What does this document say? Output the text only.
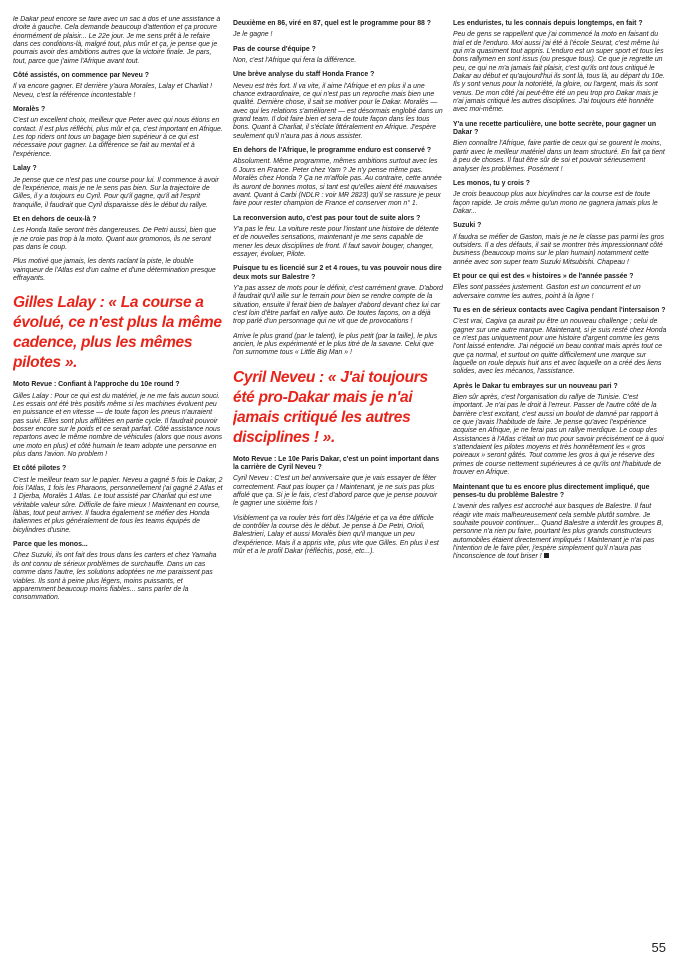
le Dakar peut encore se faire avec un sac à dos et une assistance à droite à gauche. Cela demande beaucoup d'attention et ça procure énormément de plaisir... Le 22e jour. Je me sens prêt à le refaire dans ces conditions-là, malgré tout, plus mûr et ça, je pense que je pourrais avoir des ambitions autres que la victoire finale. Je pars, tout, parce que j'aime l'Afrique avant tout.

Côté assistés, on commence par Neveu ?

Il va encore gagner. Et derrière y'aura Morales, Lalay et Charliat ! Neveu, c'est la référence incontestable !

Moralès ?

C'est un excellent choix, meilleur que Peter avec qui nous étions en contact. Il est plus réfléchi, plus mûr et ça, c'est important en Afrique. Les top riders ont tous un bagage bien supérieur à ce qui est nécessaire pour gagner. La différence se fait au mental et à l'expérience.

Lalay ?

Je pense que ce n'est pas une course pour lui. Il commence à avoir de l'expérience, mais je ne le sens pas bien. Sur la trajectoire de Gilles, il y a toujours eu Cyril. Pour qu'il gagne, qu'il ait l'esprit tranquille, il faudrait que Cyril disparaisse dès le début du rallye.

Et en dehors de ceux-là ?

Les Honda Italie seront très dangereuses. De Petri aussi, bien que je ne croie pas trop à la moto. Quant aux gromonos, ils ne seront pas dans le coup.

Plus motivé que jamais, les dents raclant la piste, le double vainqueur de l'Atlas est d'un calme et d'une détermination presque effrayants.

Gilles Lalay : « La course a évolué, ce n'est plus la même cadence, plus les mêmes pilotes ».

Moto Revue : Confiant à l'approche du 10e round ?

Gilles Lalay : Pour ce qui est du matériel, je ne me fais aucun souci. Les essais ont été très positifs même si les machines évoluent peu en puissance et en vitesse — de toute façon les pneus n'auraient pas suivi. Elles sont plus affûtées en partie cycle. Il faudrait pouvoir bosser encore sur le poids et ce serait parfait. Côté assistance nous repartons avec le même nombre de véhicules (alors que nous avons une moto en plus) et côté humain le team adopte une personne en plus dans l'avion. No problem !

Et côté pilotes ?

C'est le meilleur team sur le papier. Neveu a gagné 5 fois le Dakar, 2 fois l'Atlas, 1 fois les Pharaons, personnellement j'ai gagné 2 Atlas et 1 Djerba, Moralès 1 Atlas. Le tout assisté par Charliat qui est une véritable valeur sûre. Difficile de faire mieux ! Maintenant en course, làbas, tout peut arriver. Il faudra également se méfier des Honda italiennes et plus généralement de tous les teams équipés de bicylindres d'usine.

Parce que les monos...

Chez Suzuki, ils ont fait des trous dans les carters et chez Yamaha ils ont connu de sérieux problèmes de surchauffe. Dans un cas comme dans l'autre, les solutions adoptées ne me paraissent pas viables. Ils sont à peine plus légers, moins puissants, et apparemment beaucoup moins fiables... sans parler de la consommation.

Deuxième en 86, viré en 87, quel est le programme pour 88 ?

Je le gagne !

Pas de course d'équipe ?

Non, c'est l'Afrique qui fera la différence.

Une brève analyse du staff Honda France ?

Neveu est très fort. Il va vite, il aime l'Afrique et en plus il a une chance extraordinaire, ce qui n'est pas un reproche mais bien une qualité. Dernière chose, il sait se motiver pour le Dakar. Moralès — avec qui les relations s'améliorent — est désormais englobé dans un grand team. Il doit faire bien et sera de toute façon dans les tous bons. Quant à Charliat, il s'éclate littéralement en Afrique. J'espère seulement qu'il n'aura pas à nous assister.

En dehors de l'Afrique, le programme enduro est conservé ?

Absolument. Même programme, mêmes ambitions surtout avec les 6 Jours en France. Peter chez Yam ? Je n'y pense même pas. Moralès chez Honda ? Ça ne m'affole pas. Au contraire, cette année ils auront de bonnes motos, si tant est qu'elles aient été mauvaises avant. Quant à Carbi (NDLR : voir MR 2823) qu'il se rassure je peux faire pour rester champion de France et conserver mon n° 1.

La reconversion auto, c'est pas pour tout de suite alors ?

Y'a pas le feu. La voiture reste pour l'instant une histoire de détente et de nouvelles sensations, maintenant je me sens capable de mener les deux disciplines de front. Il faut savoir bouger, changer, essayer, évoluer, Pilote.

Puisque tu es licencié sur 2 et 4 roues, tu vas pouvoir nous dire deux mots sur Balestre ?

Y'a pas assez de mots pour le définir, c'est carrément grave. D'abord il faudrait qu'il aille sur le terrain pour bien se rendre compte de la situation, ensuite il ferait bien de balayer d'abord devant chez lui car c'est loin d'être parfait en rallye auto. De toutes façons, on a déjà trop parlé d'un personnage qui ne vit que de provocations !

Arrive le plus grand (par le talent), le plus petit (par la taille), le plus ancien, le plus expérimenté et le plus titré de la savane. Celui que l'on surnomme tous « Little Big Man » !

Cyril Neveu : « J'ai toujours été pro-Dakar mais je n'ai jamais critiqué les autres disciplines ! ».

Moto Revue : Le 10e Paris Dakar, c'est un point important dans la carrière de Cyril Neveu ?

Cyril Neveu : C'est un bel anniversaire que je vais essayer de fêter correctement. Faut pas louper ça ! Maintenant, je ne suis pas plus affolé que ça. Si je le fais, c'est d'abord parce que je pense pouvoir le gagner une sixième fois !

Visiblement ça va rouler très fort dès l'Algérie et ça va être difficile de contrôler la course dès le début. Je pense à De Petri, Orioli, Balestrieri, Lalay et aussi Moralès bien qu'il manque un peu d'expérience. Mais il a appris vite, plus vite que Gilles. En plus il est mûr et a le profil Dakar (réfléchis, posé, etc...).

Les enduristes, tu les connais depuis longtemps, en fait ?

Peu de gens se rappellent que j'ai commencé la moto en faisant du trial et de l'enduro. Moi aussi j'ai été à l'école Seurat, c'est même lui qui m'a quasiment tout appris. L'enduro est un super sport et tous les bons rallymen en sont issus (ou presque tous). Ce que je regrette un peu, ce qui ne m'a jamais fait plaisir, c'est qu'ils ont tous critiqué le Dakar au début et qu'aujourd'hui ils sont là, tous là, au départ du 10e. Ils y sont venus pour la notoriété, la gloire, ou l'argent, mais ils sont venus. De mon côté j'ai peut-être été un peu trop pro Dakar mais je n'ai jamais critiqué les autres disciplines. J'ai toujours été honnête avec moi-même.

Y'a une recette particulière, une botte secrète, pour gagner un Dakar ?

Bien connaître l'Afrique, faire partie de ceux qui se gourent le moins, partir avec le meilleur matériel dans un team structuré. En fait ça tient à peu de choses. Il faut être sûr de soi et pouvoir sérieusement analyser les problèmes. Posément !

Les monos, tu y crois ?

Je crois beaucoup plus aux bicylindres car la course est de toute façon rapide. Je crois même qu'un mono ne gagnera jamais plus le Dakar...

Suzuki ?

Il faudra se méfier de Gaston, mais je ne le classe pas parmi les gros outsiders. Il a des défauts, il sait se montrer très impressionnant côté business (beaucoup moins sur le plan humain) notamment cette année avec son super team Suzuki Mitsubishi. Chapeau !

Et pour ce qui est des « histoires » de l'année passée ?

Elles sont passées justement. Gaston est un concurrent et un adversaire comme les autres, point à la ligne !

Tu es en de sérieux contacts avec Cagiva pendant l'intersaison ?

C'est vrai, Cagiva ça aurait pu être un nouveau challenge ; celui de gagner sur une autre marque. Maintenant, si je suis resté chez Honda ce n'est pas uniquement pour une histoire d'argent comme les gens l'ont laissé entendre. J'ai négocié un beau contrat mais après tout ce que ça normal, et surtout on quitte difficilement une marque sur laquelle on roule depuis huit ans et avec laquelle on a créé des liens solides, avec les mécanos, l'assistance.

Après le Dakar tu embrayes sur un nouveau pari ?

Bien sûr après, c'est l'organisation du rallye de Tunisie. C'est important. Je n'ai pas le droit à l'erreur. Passer de l'autre côté de la barrière c'est excitant, c'est aussi un boulot de damné par rapport à ce que j'avais l'habitude de faire. Je pense qu'avec l'expérience acquise en Afrique, je ne ferai pas un rallye merdique. Le coup des Assistances à l'Atlas c'était un truc pour savoir précisément ce à quoi s'attendaient les pilotes moyens et très honnêtement les « gros poireaux » seront gâtés. Tout comme les gros à qui je réserve des primes de course nettement supérieures à ce qu'ils ont l'habitude de trouver en Afrique.

Maintenant que tu es encore plus directement impliqué, que penses-tu du problème Balestre ?

L'avenir des rallyes est accroché aux basques de Balestre. Il faut réagir vite mais malheureusement cela semble plutôt sombre. Je souhaite pouvoir continuer... Quand Balestre a interdit les groupes B, personne n'a rien pu faire, pourtant les plus grands constructeurs automobiles étaient directement impliqués ! Maintenant je n'ai pas l'intention de le faire plier, j'espère simplement qu'il n'aura pas l'inconscience de tout briser !

55
